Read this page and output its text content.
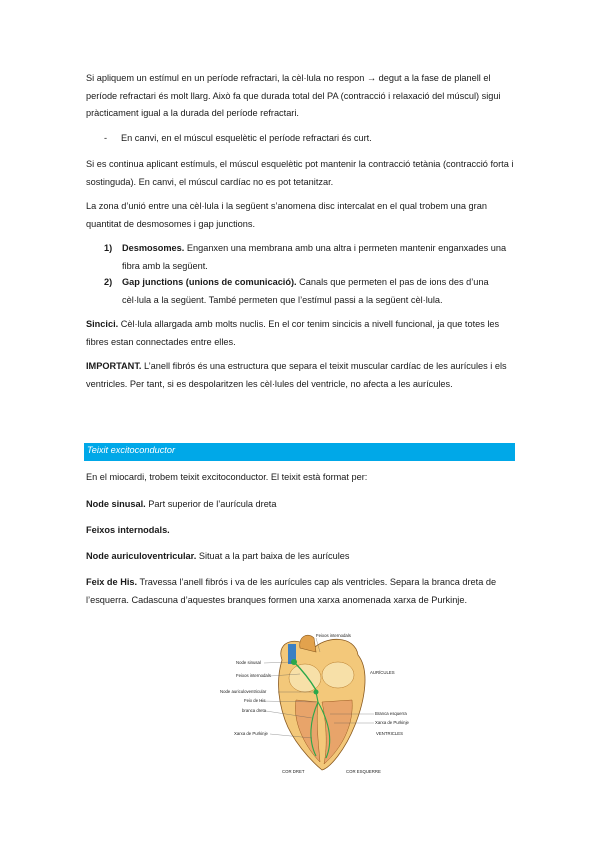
Si apliquem un estímul en un període refractari, la cèl·lula no respon → degut a la fase de planell el període refractari és molt llarg. Això fa que durada total del PA (contracció i relaxació del múscul) sigui pràcticament igual a la durada del període refractari.

- En canvi, en el múscul esquelètic el període refractari és curt.

Si es continua aplicant estímuls, el múscul esquelètic pot mantenir la contracció tetània (contracció forta i sostinguda). En canvi, el múscul cardíac no es pot tetanitzar.

La zona d’unió entre una cèl·lula i la següent s’anomena disc intercalat en el qual trobem una gran quantitat de desmosomes i gap junctions.

1) Desmosomes. Enganxen una membrana amb una altra i permeten mantenir enganxades una fibra amb la següent.
2) Gap junctions (unions de comunicació). Canals que permeten el pas de ions des d’una cèl·lula a la següent. També permeten que l’estímul passi a la següent cèl·lula.

Sincici. Cèl·lula allargada amb molts nuclis. En el cor tenim sincicis a nivell funcional, ja que totes les fibres estan connectades entre elles.

IMPORTANT. L’anell fibrós és una estructura que separa el teixit muscular cardíac de les aurícules i els ventricles. Per tant, si es despolaritzen les cèl·lules del ventricle, no afecta a les aurícules.

Teixit excitoconductor

En el miocardi, trobem teixit excitoconductor. El teixit està format per:

Node sinusal. Part superior de l’aurícula dreta

Feixos internodals.

Node auriculoventricular. Situat a la part baixa de les aurícules

Feix de His. Travessa l’anell fibrós i va de les aurícules cap als ventricles. Separa la branca dreta de l’esquerra. Cadascuna d’aquestes branques formen una xarxa anomenada xarxa de Purkinje.

Node sinusal
Feixos internodals
Node auriculoventricular
Feix de His
branca dreta
Xarxa de Purkinje
Feixos internodals
AURÍCULES
Branca esquerra
Xarxa de Purkinje
VENTRICLES
COR DRET	COR ESQUERRE
